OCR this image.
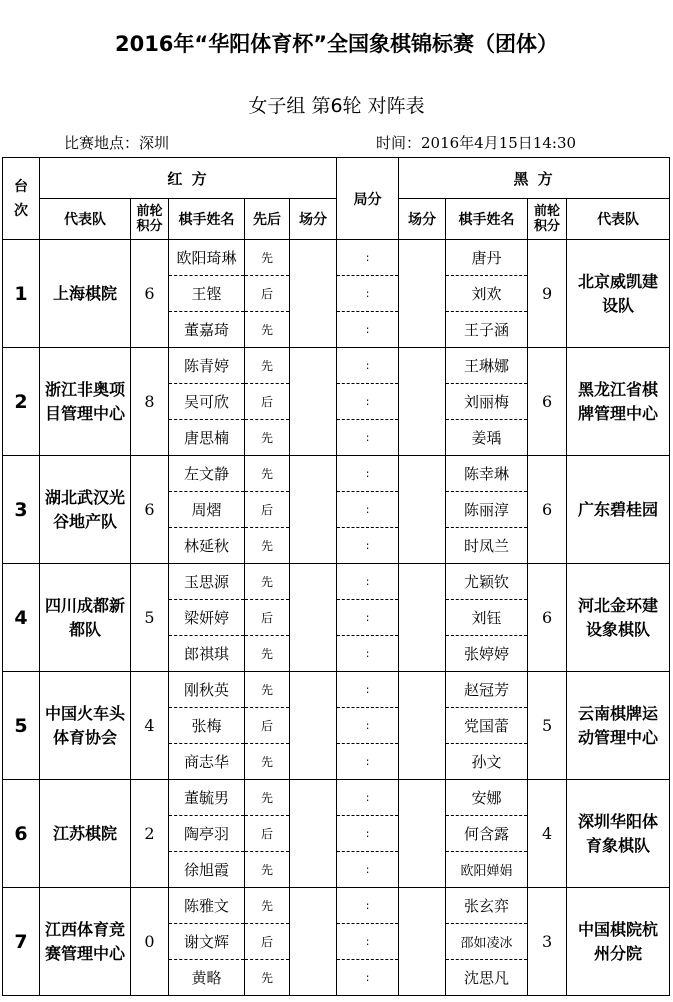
2016年“华阳体育杯”全国象棋锦标赛（团体）
女子组 第6轮 对阵表
比赛地点：深圳	时间：2016年4月15日14:30
台次	红 方					局分	黑 方			
	代表队	前轮积分	棋手姓名	先后	场分		场分	棋手姓名	前轮积分	代表队
1	上海棋院	6	欧阳琦琳	先		:		唐丹	9	北京威凯建设队
			王铿	后		:		刘欢		
			董嘉琦	先		:		王子涵		
2	浙江非奥项目管理中心	8	陈青婷	先		:		王琳娜	6	黑龙江省棋牌管理中心
			吴可欣	后		:		刘丽梅		
			唐思楠	先		:		姜瑀		
3	湖北武汉光谷地产队	6	左文静	先		:		陈幸琳	6	广东碧桂园
			周熠	后		:		陈丽淳		
			林延秋	先		:		时凤兰		
4	四川成都新都队	5	玉思源	先		:		尤颖钦	6	河北金环建设象棋队
			梁妍婷	后		:		刘钰		
			郎祺琪	先		:		张婷婷		
5	中国火车头体育协会	4	刚秋英	先		:		赵冠芳	5	云南棋牌运动管理中心
			张梅	后		:		党国蕾		
			商志华	先		:		孙文		
6	江苏棋院	2	董毓男	先		:		安娜	4	深圳华阳体育象棋队
			陶亭羽	后		:		何含露		
			徐旭霞	先		:		欧阳婵娟		
7	江西体育竞赛管理中心	0	陈雅文	先		:		张玄弈	3	中国棋院杭州分院
			谢文辉	后		:		邵如凌冰		
			黄略	先		:		沈思凡		
